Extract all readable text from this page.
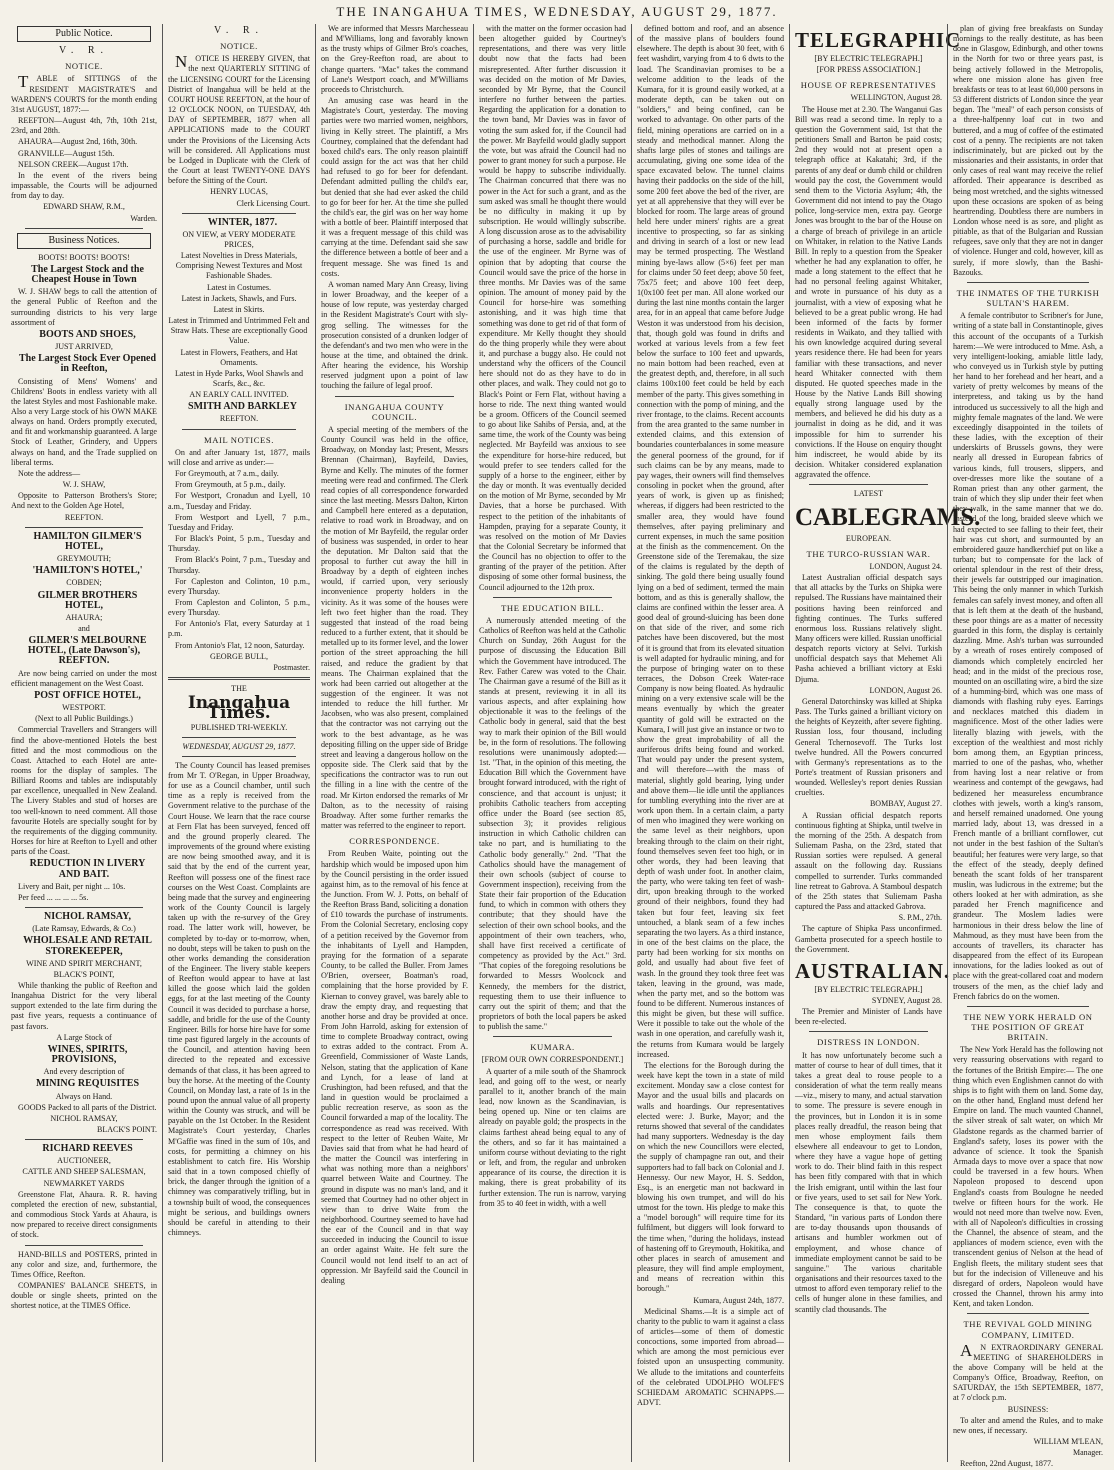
THE INANGAHUA TIMES, WEDNESDAY, AUGUST 29, 1877.
Public Notice.
V. R.

NOTICE.

TABLE of SITTINGS of the RESIDENT MAGISTRATE'S and WARDEN'S COURTS for the month ending 31st AUGUST, 1877:—

REEFTON—August 4th, 7th, 10th 21st, 23rd, and 28th.

AHAURA—August 2nd, 16th, 30th.

GRANVILLE—August 15th.

NELSON CREEK—August 17th.

In the event of the rivers being impassable, the Courts will be adjourned from day to day.

EDWARD SHAW, R.M.,

Warden.

Business Notices.

BOOTS! BOOTS! BOOTS!

The Largest Stock and the Cheapest House in Town

W. J. SHAW begs to call the attention of the general Public of Reefton and the surrounding districts to his very large assortment of

BOOTS AND SHOES,

JUST ARRIVED,

The Largest Stock Ever Opened in Reefton,

Consisting of Mens' Womens' and Childrens' Boots in endless variety with all the latest Styles and most Fashionable make. Also a very Large stock of his OWN MAKE always on hand. Orders promptly executed, and fit and workmanship guaranteed. A large Stock of Leather, Grindery, and Uppers always on hand, and the Trade supplied on liberal terms.

Note the address—

W. J. SHAW,

Opposite to Patterson Brothers's Store; And next to the Golden Age Hotel,

REEFTON.

HAMILTON GILMER'S HOTEL,

GREYMOUTH;

'HAMILTON'S HOTEL,'

COBDEN;

GILMER BROTHERS HOTEL,

AHAURA;

and

GILMER'S MELBOURNE HOTEL, (Late Dawson's), REEFTON.

Are now being carried on under the most efficient management on the West Coast.

POST OFFICE HOTEL,

WESTPORT.

(Next to all Public Buildings.)

Commercial Travellers and Strangers will find the above-mentioned Hotels the best fitted and the most commodious on the Coast. Attached to each Hotel are ante-rooms for the display of samples. The Billiard Rooms and tables are indisputably par excellence, unequalled in New Zealand. The Livery Stables and stud of horses are too well-known to need comment. All those favourite Hotels are specially sought for by the requirements of the digging community. Horses for hire at Reefton to Lyell and other parts of the Coast.

REDUCTION IN LIVERY AND BAIT.

Livery and Bait, per night ... 10s.

Per feed ... ... ... ... 5s.

NICHOL RAMSAY,

(Late Ramsay, Edwards, & Co.)

WHOLESALE AND RETAIL STOREKEEPER,

WINE AND SPIRIT MERCHANT,

BLACK'S POINT,

While thanking the public of Reefton and Inangahua District for the very liberal support extended to the late firm during the past five years, requests a continuance of past favors.

A Large Stock of

WINES, SPIRITS, PROVISIONS,

And every description of

MINING REQUISITES

Always on Hand.

GOODS Packed to all parts of the District.

NICHOL RAMSAY,

BLACK'S POINT.

RICHARD REEVES

AUCTIONEER,

CATTLE AND SHEEP SALESMAN,

NEWMARKET YARDS

Greenstone Flat, Ahaura. R. R. having completed the erection of new, substantial, and commodious Stock Yards at Ahaura, is now prepared to receive direct consignments of stock.

HAND-BILLS and POSTERS, printed in any color and size, and, furthermore, the Times Office, Reefton.

COMPANIES' BALANCE SHEETS, in double or single sheets, printed on the shortest notice, at the TIMES Office.

V. R.

NOTICE.

NOTICE IS HEREBY GIVEN, that the next QUARTERLY SITTING of the LICENSING COURT for the Licensing District of Inangahua will be held at the COURT HOUSE REEFTON, at the hour of 12 O'CLOCK NOON, on TUESDAY, 4th DAY of SEPTEMBER, 1877 when all APPLICATIONS made to the COURT under the Provisions of the Licensing Acts will be considered. All Applications must be Lodged in Duplicate with the Clerk of the Court at least TWENTY-ONE DAYS before the Sitting of the Court.

HENRY LUCAS,

Clerk Licensing Court.

WINTER, 1877.

ON VIEW, at VERY MODERATE PRICES,

Latest Novelties in Dress Materials, Comprising Newest Textures and Most Fashionable Shades.

Latest in Costumes.

Latest in Jackets, Shawls, and Furs.

Latest in Skirts.

Latest in Trimmed and Untrimmed Felt and Straw Hats. These are exceptionally Good Value.

Latest in Flowers, Feathers, and Hat Ornaments.

Latest in Hyde Parks, Wool Shawls and Scarfs, &c., &c.

AN EARLY CALL INVITED.

SMITH AND BARKLEY

REEFTON.

MAIL NOTICES.

On and after January 1st, 1877, mails will close and arrive as under:—

For Greymouth, at 7 a.m., daily.

From Greymouth, at 5 p.m., daily.

For Westport, Cronadun and Lyell, 10 a.m., Tuesday and Friday.

From Westport and Lyell, 7 p.m., Tuesday and Friday.

For Black's Point, 5 p.m., Tuesday and Thursday.

From Black's Point, 7 p.m., Tuesday and Thursday.

For Capleston and Colinton, 10 p.m., every Thursday.

From Capleston and Colinton, 5 p.m., every Thursday.

For Antonio's Flat, every Saturday at 1 p.m.

From Antonio's Flat, 12 noon, Saturday.

GEORGE BULL,

Postmaster.

THE

Inangahua Times.

PUBLISHED TRI-WEEKLY.

WEDNESDAY, AUGUST 29, 1877.

The County Council has leased premises from Mr T. O'Regan, in Upper Broadway, for use as a Council chamber, until such time as a reply is received from the Government relative to the purchase of the Court House. We learn that the race course at Fern Flat has been surveyed, fenced off and the ground properly cleared. The improvements of the ground where existing are now being smoothed away, and it is said that by the end of the current year, Reefton will possess one of the finest race courses on the West Coast. Complaints are being made that the survey and engineering work of the County Council is largely taken up with the re-survey of the Grey road. The latter work will, however, be completed by to-day or to-morrow, when, no doubt, steps will be taken to push on the other works demanding the consideration of the Engineer. The livery stable keepers of Reefton would appear to have at last killed the goose which laid the golden eggs, for at the last meeting of the County Council it was decided to purchase a horse, saddle, and bridle for the use of the County Engineer. Bills for horse hire have for some time past figured largely in the accounts of the Council, and attention having been directed to the repeated and excessive demands of that class, it has been agreed to buy the horse. At the meeting of the County Council, on Monday last, a rate of 1s in the pound upon the annual value of all property within the County was struck, and will be payable on the 1st October. In the Resident Magistrate's Court yesterday, Charles M'Gaffie was fined in the sum of 10s, and costs, for permitting a chimney on his establishment to catch fire. His Worship said that in a town composed chiefly of brick, the danger through the ignition of a chimney was comparatively trifling, but in a township built of wood, the consequences might be serious, and buildings owners should be careful in attending to their chimneys.

We are informed that Messrs Marchesseau and M'Williams, long and favorably known as the trusty whips of Gilmer Bro's coaches, on the Grey-Reefton road, are about to change quarters. "Mac" takes the command of Lane's Westport coach, and M'Williams proceeds to Christchurch.

An amusing case was heard in the Magistrate's Court, yesterday. The moving parties were two married women, neighbors, living in Kelly street. The plaintiff, a Mrs Courtney, complained that the defendant had boxed child's ears. The only reason plaintiff could assign for the act was that her child had refused to go for beer for defendant. Defendant admitted pulling the child's ear, but denied that she had ever asked the child to go for beer for her. At the time she pulled the child's ear, the girl was on her way home with a bottle of beer. Plaintiff interposed that it was a frequent message of this child was carrying at the time. Defendant said she saw the difference between a bottle of beer and a frequent message. She was fined 1s and costs.

A woman named Mary Ann Creasy, living in lower Broadway, and the keeper of a house of low repute, was yesterday charged in the Resident Magistrate's Court with sly-grog selling. The witnesses for the prosecution consisted of a drunken lodger of the defendant's and two men who were in the house at the time, and obtained the drink. After hearing the evidence, his Worship reserved judgment upon a point of law touching the failure of legal proof.

INANGAHUA COUNTY COUNCIL.

A special meeting of the members of the County Council was held in the office, Broadway, on Monday last; Present, Messrs Brennan (Chairman), Bayfeild, Davies, Byrne and Kelly. The minutes of the former meeting were read and confirmed. The Clerk read copies of all correspondence forwarded since the last meeting. Messrs Dalton, Kirton and Campbell here entered as a deputation, relative to road work in Broadway, and on the motion of Mr Bayfeild, the regular order of business was suspended, in order to hear the deputation. Mr Dalton said that the proposal to further cut away the hill in Broadway by a depth of eighteen inches would, if carried upon, very seriously inconvenience property holders in the vicinity. As it was some of the houses were left two feet higher than the road. They suggested that instead of the road being reduced to a further extent, that it should be metalled up to its former level, and the lower portion of the street approaching the hill raised, and reduce the gradient by that means. The Chairman explained that the work had been carried out altogether at the suggestion of the engineer. It was not intended to reduce the hill further. Mr Jacobsen, who was also present, complained that the contractor was not carrying out the work to the best advantage, as he was depositing filling on the upper side of Bridge street and leaving a dangerous hollow on the opposite side. The Clerk said that by the specifications the contractor was to run out the filling in a line with the centre of the road. Mr Kirton endorsed the remarks of Mr Dalton, as to the necessity of raising Broadway. After some further remarks the matter was referred to the engineer to report.

CORRESPONDENCE.

From Reuben Waite, pointing out the hardship which would be imposed upon him by the Council persisting in the order issued against him, as to the removal of his fence at the Junction. From W. J. Potts, on behalf of the Reefton Brass Band, soliciting a donation of £10 towards the purchase of instruments. From the Colonial Secretary, enclosing copy of a petition received by the Governor from the inhabitants of Lyell and Hampden, praying for the formation of a separate County, to be called the Buller. From James O'Brien, overseer, Boatman's road, complaining that the horse provided by F. Kiernan to convey gravel, was barely able to draw the empty dray, and requesting that another horse and dray be provided at once. From John Harrold, asking for extension of time to complete Broadway contract, owing to extras added to the contract. From A. Greenfield, Commissioner of Waste Lands, Nelson, stating that the application of Kane and Lynch, for a lease of land at Crushington, had been refused, and that the land in question would be proclaimed a public recreation reserve, as soon as the Council forwarded a map of the locality. The correspondence as read was received. With respect to the letter of Reuben Waite, Mr Davies said that from what he had heard of the matter the Council was interfering in what was nothing more than a neighbors' quarrel between Waite and Courtney. The ground in dispute was no man's land, and it seemed that Courtney had no other object in view than to drive Waite from the neighborhood. Courtney seemed to have had the ear of the Council and in that way succeeded in inducing the Council to issue an order against Waite. He felt sure the Council would not lend itself to an act of oppression. Mr Bayfeild said the Council in dealing

with the matter on the former occasion had been altogether guided by Courtney's representations, and there was very little doubt now that the facts had been misrepresented. After further discussion it was decided on the motion of Mr Davies, seconded by Mr Byrne, that the Council interfere no further between the parties. Regarding the application for a donation to the town band, Mr Davies was in favor of voting the sum asked for, if the Council had the power. Mr Bayfeild would gladly support the vote, but was afraid the Council had no power to grant money for such a purpose. He would be happy to subscribe individually. The Chairman concurred that there was no power in the Act for such a grant, and as the sum asked was small he thought there would be no difficulty in making it up by subscription. He would willingly subscribe. A long discussion arose as to the advisability of purchasing a horse, saddle and bridle for the use of the engineer. Mr Byrne was of opinion that by adopting that course the Council would save the price of the horse in three months. Mr Davies was of the same opinion. The amount of money paid by the Council for horse-hire was something astonishing, and it was high time that something was done to get rid of that form of expenditure. Mr Kelly thought they should do the thing properly while they were about it, and purchase a buggy also. He could not understand why the officers of the Council here should not do as they have to do in other places, and walk. They could not go to Black's Point or Fern Flat, without having a horse to ride. The next thing wanted would be a groom. Officers of the Council seemed to go about like Sahibs of Persia, and, at the same time, the work of the County was being neglected. Mr Bayfeild was anxious to see the expenditure for horse-hire reduced, but would prefer to see tenders called for the supply of a horse to the engineer, either by the day or month. It was eventually decided on the motion of Mr Byrne, seconded by Mr Davies, that a horse be purchased. With respect to the petition of the inhabitants of Hampden, praying for a separate County, it was resolved on the motion of Mr Davies that the Colonial Secretary be informed that the Council has no objection to offer to the granting of the prayer of the petition. After disposing of some other formal business, the Council adjourned to the 12th prox.

THE EDUCATION BILL.

A numerously attended meeting of the Catholics of Reefton was held at the Catholic Church on Sunday, 26th August for the purpose of discussing the Education Bill which the Government have introduced. The Rev. Father Carew was voted to the Chair. The Chairman gave a resumé of the Bill as it stands at present, reviewing it in all its various aspects, and after explaining how objectionable it was to the feelings of the Catholic body in general, said that the best way to mark their opinion of the Bill would be, in the form of resolutions. The following resolutions were unanimously adopted:— 1st. "That, in the opinion of this meeting, the Education Bill which the Government have brought forward introduced, with the right of conscience, and that account is unjust; it prohibits Catholic teachers from accepting office under the Board (see section 85, subsection 3); it provides religious instruction in which Catholic children can take no part, and is humiliating to the Catholic body generally." 2nd. "That the Catholics should have the management of their own schools (subject of course to Government inspection), receiving from the State their fair proportion of the Education fund, to which in common with others they contribute; that they should have the selection of their own school books, and the appointment of their own teachers, who, shall have first received a certificate of competency as provided by the Act." 3rd. "That copies of the foregoing resolutions be forwarded to Messrs Woolcock and Kennedy, the members for the district, requesting them to use their influence to carry out the spirit of them; and that the proprietors of both the local papers be asked to publish the same."

KUMARA.

[FROM OUR OWN CORRESPONDENT.]

A quarter of a mile south of the Shamrock lead, and going off to the west, or nearly parallel to it, another branch of the main lead, now known as the Scandinavian, is being opened up. Nine or ten claims are already on payable gold; the prospects in the claims farthest ahead being equal to any of the others, and so far it has maintained a uniform course without deviating to the right or left, and from, the regular and unbroken appearance of its course, the direction it is making, there is great probability of its further extension. The run is narrow, varying from 35 to 40 feet in width, with a well

defined bottom and roof, and an absence of the massive plans of boulders found elsewhere. The depth is about 30 feet, with 6 feet washdirt, varying from 4 to 6 dwts to the load. The Scandinavian promises to be a welcome addition to the leads of the Kumara, for it is ground easily worked, at a moderate depth, can be taken out on "soldiers," and being confined, can be worked to advantage. On other parts of the field, mining operations are carried on in a steady and methodical manner. Along the shafts large piles of stones and tailings are accumulating, giving one some idea of the space excavated below. The tunnel claims having their paddocks on the side of the hill, some 200 feet above the bed of the river, are yet at all apprehensive that they will ever be blocked for room. The large areas of ground held here under miners' rights are a great incentive to prospecting, so far as sinking and driving in search of a lost or new lead may be termed prospecting. The Westland mining bye-laws allow (5×6) feet per man for claims under 50 feet deep; above 50 feet, 75x75 feet; and above 100 feet deep, 1(0x100 feet per man. All alone worked our during the last nine months contain the larger area, for in an appeal that came before Judge Weston it was understood from his decision, that, though gold was found in drifts and worked at various levels from a few feet below the surface to 100 feet and upwards, no main bottom had been reached, even at the greatest depth, and, therefore, in all such claims 100x100 feet could be held by each member of the party. This gives something in connection with the pomp of mining, and the river frontage, to the claims. Recent accounts from the area granted to the same number in extended claims, and this extension of boundaries counterbalances in some measure the general poorness of the ground, for if such claims can be by any means, made to pay wages, their owners will find themselves consoling in pocket when the ground, after years of work, is given up as finished; whereas, if diggers had been restricted to the smaller area, they would have found themselves, after paying preliminary and current expenses, in much the same position at the finish as the commencement. On the Greenstone side of the Teremakau, the size of the claims is regulated by the depth of sinking. The gold there being usually found lying on a bed of sediment, termed the main bottom, and as this is generally shallow, the claims are confined within the lesser area. A good deal of ground-sluicing has been done on that side of the river, and some rich patches have been discovered, but the most of it is ground that from its elevated situation is well adapted for hydraulic mining, and for the purpose of bringing water on to these terraces, the Dobson Creek Water-race Company is now being floated. As hydraulic mining on a very extensive scale will be the means eventually by which the greater quantity of gold will be extracted on the Kumara, I will just give an instance or two to show the great improbability of all the auriferous drifts being found and worked. That would pay under the present system, and will therefore—with the mass of material, slightly gold bearing, lying under and above them—lie idle until the appliances for tumbling everything into the river are at work upon them. In a certain claim, a party of men who imagined they were working on the same level as their neighbors, upon breaking through to the claim on their right, found themselves seven feet too high, or in other words, they had been leaving that depth of wash under foot. In another claim, the party, who were taking ten feet of wash-dirt, upon breaking through to the worked ground of their neighbors, found they had taken but four feet, leaving six feet untouched, a blank seam of a few inches separating the two layers. As a third instance, in one of the best claims on the place, the party had been working for six months on gold, and usually had about five feet of wash. In the ground they took three feet was taken, leaving in the ground, was made, when the party met, and so the bottom was found to be different. Numerous instances of this might be given, but these will suffice. Were it possible to take out the whole of the wash in one operation, and carefully wash it, the returns from Kumara would be largely increased.

The elections for the Borough during the week have kept the town in a state of mild excitement. Monday saw a close contest for Mayor and the usual bills and placards on walls and hoardings. Our representatives elected were: J. Burke, Mayor; and the returns showed that several of the candidates had many supporters. Wednesday is the day on which the new Councillors were elected, the supply of champagne ran out, and their supporters had to fall back on Colonial and J. Hennessy. Our new Mayor, H. S. Seddon, Esq., is an energetic man not backward in blowing his own trumpet, and will do his utmost for the town. His pledge to make this a "model borough" will require time for its fulfilment, but diggers will look forward to the time when, "during the holidays, instead of hastening off to Greymouth, Hokitika, and other places in search of amusement and pleasure, they will find ample employment, and means of recreation within this borough."

Kumara, August 24th, 1877.

Medicinal Shams.—It is a simple act of charity to the public to warn it against a class of articles—some of them of domestic concoctions, some imported from abroad—which are among the most pernicious ever foisted upon an unsuspecting community. We allude to the imitations and counterfeits of the celebrated UDOLPHO WOLFE'S SCHIEDAM AROMATIC SCHNAPPS.—ADVT.

TELEGRAPHIC

[BY ELECTRIC TELEGRAPH.]

[FOR PRESS ASSOCIATION.]

HOUSE OF REPRESENTATIVES

WELLINGTON, August 28.

The House met at 2.30. The Wanganui Gas Bill was read a second time. In reply to a question the Government said, 1st that the petitioners Small and Barton be paid costs; 2nd they would not at present open a telegraph office at Kakatahi; 3rd, if the parents of any deaf or dumb child or children would pay the cost, the Government would send them to the Victoria Asylum; 4th, the Government did not intend to pay the Otago police, long-service men, extra pay. George Jones was brought to the bar of the House on a charge of breach of privilege in an article on Whitaker, in relation to the Native Lands Bill. In reply to a question from the Speaker whether he had any explanation to offer, he made a long statement to the effect that he had no personal feeling against Whitaker, and wrote in pursuance of his duty as a journalist, with a view of exposing what he believed to be a great public wrong. He had been informed of the facts by former residents in Waikato, and they tallied with his own knowledge acquired during several years residence there. He had been for years familiar with these transactions, and never heard Whitaker connected with them disputed. He quoted speeches made in the House by the Native Lands Bill showing equally strong language used by the members, and believed he did his duty as a journalist in doing as he did, and it was impossible for him to surrender his convictions. If the House on enquiry thought him indiscreet, he would abide by its decision. Whitaker considered explanation aggravated the offence.

LATEST

CABLEGRAMS.

EUROPEAN.

THE TURCO-RUSSIAN WAR.

LONDON, August 24.

Latest Australian official despatch says that all attacks by the Turks on Shipka were repulsed. The Russians have maintained their positions having been reinforced and fighting continues. The Turks suffered enormous loss. Russians relatively slight. Many officers were killed. Russian unofficial despatch reports victory at Selvi. Turkish unofficial despatch says that Mehemet Ali Pasha achieved a brilliant victory at Eski Djuma.

LONDON, August 26.

General Datorchinsky was killed at Shipka Pass. The Turks gained a brilliant victory on the heights of Keyzeith, after severe fighting. Russian loss, four thousand, including General Tchernosevoff. The Turks lost twelve hundred. All the Powers concurred with Germany's representations as to the Porte's treatment of Russian prisoners and wounded. Wellesley's report denies Russian cruelties.

BOMBAY, August 27.

A Russian official despatch reports continuous fighting at Shipka, until twelve in the morning of the 25th. A despatch from Suliemam Pasha, on the 23rd, stated that Russian sorties were repulsed. A general assault on the following day. Russians compelled to surrender. Turks commanded line retreat to Gabrova. A Stamboul despatch of the 25th states that Suliemam Pasha captured the Pass and attacked Gabrova.

S. P.M., 27th.

The capture of Shipka Pass unconfirmed. Gambetta prosecuted for a speech hostile to the Government.

AUSTRALIAN.

[BY ELECTRIC TELEGRAPH.]

SYDNEY, August 28.

The Premier and Minister of Lands have been re-elected.

DISTRESS IN LONDON.

It has now unfortunately become such a matter of course to hear of dull times, that it takes a great deal to rouse people to a consideration of what the term really means—viz., misery to many, and actual starvation to some. The pressure is severe enough in the provinces, but in London it is in some places really dreadful, the reason being that men whose employment fails them elsewhere all endeavour to get to London, where they have a vague hope of getting work to do. Their blind faith in this respect has been fitly compared with that in which the Irish emigrant, until within the last four or five years, used to set sail for New York. The consequence is that, to quote the Standard, "in various parts of London there are to-day thousands upon thousands of artisans and humbler workmen out of employment, and whose chance of immediate employment cannot be said to be sanguine." The various charitable organisations and their resources taxed to the utmost to afford even temporary relief to the cells of hunger alone in these families, and scantily clad thousands. The

plan of giving free breakfasts on Sunday mornings to the really destitute, as has been done in Glasgow, Edinburgh, and other towns in the North for two or three years past, is being actively followed in the Metropolis, where one mission alone has given free breakfasts or teas to at least 60,000 persons in 53 different districts of London since the year began. The "meal" of each person consists of a three-halfpenny loaf cut in two and buttered, and a mug of coffee of the estimated cost of a penny. The recipients are not taken indiscriminately, but are picked out by the missionaries and their assistants, in order that only cases of real want may receive the relief afforded. Their appearance is described as being most wretched, and the sights witnessed upon these occasions are spoken of as being heartrending. Doubtless there are numbers in London whose need is as sore, and plight as pitiable, as that of the Bulgarian and Russian refugees, save only that they are not in danger of violence. Hunger and cold, however, kill as surely, if more slowly, than the Bashi-Bazouks.

THE INMATES OF THE TURKISH SULTAN'S HAREM.

A female contributor to Scribner's for June, writing of a state ball in Constantinople, gives this account of the occupants of a Turkish harem:—We were introduced to Mme. Ash, a very intelligent-looking, amiable little lady, who conveyed us in Turkish style by putting her hand to her forehead and her heart, and a variety of pretty welcomes by means of the interpretess, and taking us by the hand introduced us successively to all the high and mighty female magnates of the land. We were exceedingly disappointed in the toilets of these ladies, with the exception of their underskirts of Brussels gowns, they were nearly all dressed in European fabrics of various kinds, full trousers, slippers, and over-dresses more like the soutane of a Roman priest than any other garment, the train of which they slip under their feet when they walk, in the same manner that we do. Instead of the long, braided sleeve which we had expected to see falling to their feet, their hair was cut short, and surmounted by an embroidered gauze handkerchief put on like a turban; but to compensate for the lack of oriental splendour in the rest of their dress, their jewels far outstripped our imagination. This being the only manner in which Turkish females can safely invest money, and often all that is left them at the death of the husband, these poor things are as a matter of necessity guarded in this form, the display is certainly dazzling. Mme. Ash's turban was surrounded by a wreath of roses entirely composed of diamonds which completely encircled her head; and in the midst of the precious rose, mounted on an oscillating wire, a bird the size of a humming-bird, which was one mass of diamonds with flashing ruby eyes. Earrings and necklaces matched this diadem in magnificence. Most of the other ladies were literally blazing with jewels, with the exception of the wealthiest and most richly born among them, an Egyptian princess, married to one of the pashas, who, whether from having lost a near relative or from weariness and contempt of the gewgaws, had bedizened her measureless encumbrance clothes with jewels, worth a king's ransom, and herself remained unadorned. One young married lady, about 13, was dressed in a French mantle of a brilliant cornflower, cut not under in the best fashion of the Sultan's beautiful; her features were very large, so that the effect of the steady, deeply defined beneath the scant folds of her transparent muslin, was ludicrous in the extreme; but the others looked at her with admiration, as she paraded her French magnificence and grandeur. The Moslem ladies were harmonious in their dress below the line of Mahmoud, as they must have been from the accounts of travellers, its character has disappeared from the effect of its European innovations, for the ladies looked as out of place with the great-collared coat and modern trousers of the men, as the chief lady and French fabrics do on the women.

THE NEW YORK HERALD ON THE POSITION OF GREAT BRITAIN.

The New York Herald has the following not very reassuring observations with regard to the fortunes of the British Empire:— The one thing which even Englishmen cannot do with ships is to fight with them on land. Some day, on the other hand, England must defend her Empire on land. The much vaunted Channel, the silver streak of salt water, on which Mr Gladstone regards as the charmed barrier of England's safety, loses its power with the advance of science. It took the Spanish Armada days to move over a space that now could be traversed in a few hours. When Napoleon proposed to descend upon England's coasts from Boulogne he needed twelve or fifteen hours for the work. He would not need more than twelve now. Even, with all of Napoleon's difficulties in crossing the Channel, the absence of steam, and the appliances of modern science, even with the transcendent genius of Nelson at the head of English fleets, the military student sees that but for the indecision of Villeneuve and his disregard of orders, Napoleon would have crossed the Channel, thrown his army into Kent, and taken London.

THE REVIVAL GOLD MINING COMPANY, LIMITED.

AN EXTRAORDINARY GENERAL MEETING of SHAREHOLDERS in the above Company will be held at the Company's Office, Broadway, Reefton, on SATURDAY, the 15th SEPTEMBER, 1877, at 7 o'clock p.m.

BUSINESS:

To alter and amend the Rules, and to make new ones, if necessary.

WILLIAM M'LEAN,

Manager.

Reefton, 22nd August, 1877.
